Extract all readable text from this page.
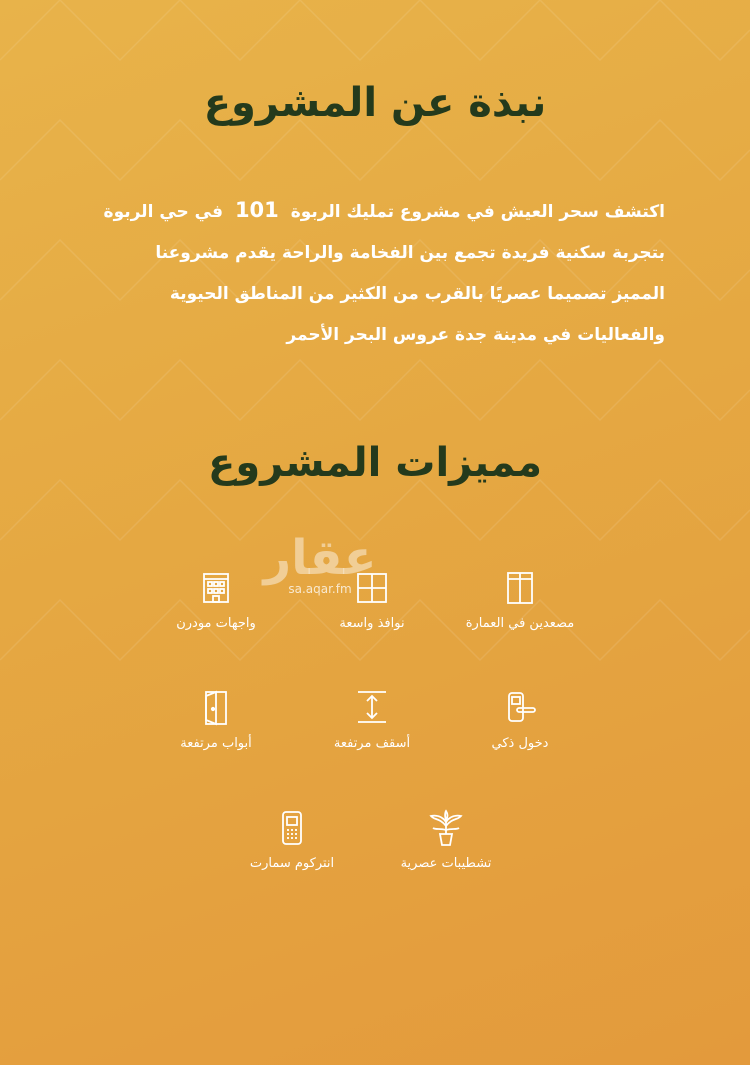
نبذة عن المشروع

اكتشف سحر العيش في مشروع تمليك الربوة 101 في حي الربوة
بتجربة سكنية فريدة تجمع بين الفخامة والراحة يقدم مشروعنا
المميز تصميما عصريًا بالقرب من الكثير من المناطق الحيوية
والفعاليات في مدينة جدة عروس البحر الأحمر

مميزات المشروع
عقار
sa.aqar.fm
مصعدين في العمارة
نوافذ واسعة
واجهات مودرن
دخول ذكي
أسقف مرتفعة
أبواب مرتفعة
تشطيبات عصرية
انتركوم سمارت
